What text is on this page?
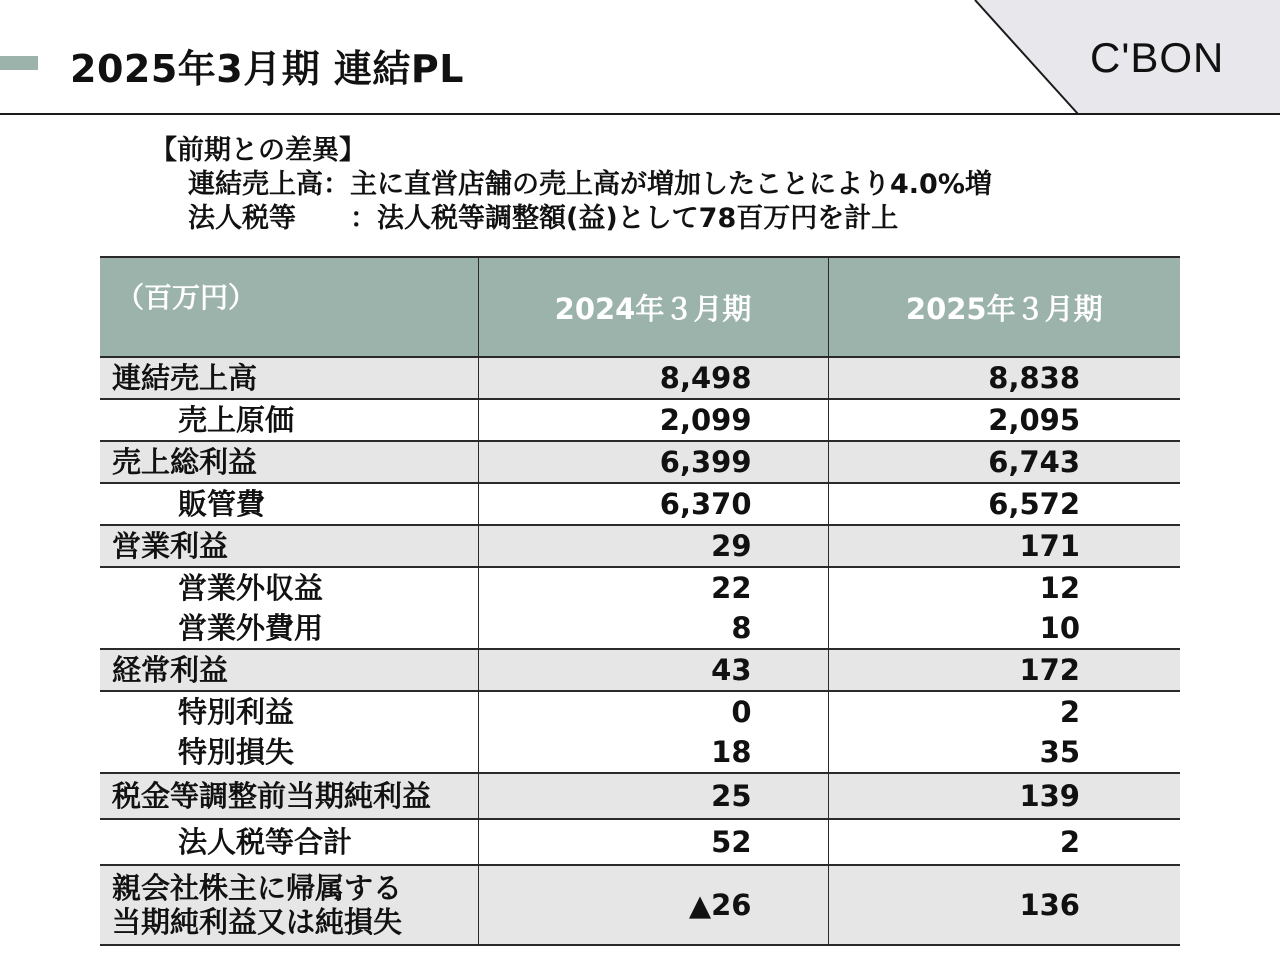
2025年3月期 連結PL	C'BON
【前期との差異】
連結売上高：主に直営店舗の売上高が増加したことにより4.0%増
法人税等 ：法人税等調整額(益)として78百万円を計上
（百万円）	2024年３月期	2025年３月期
連結売上高	8,498	8,838
売上原価	2,099	2,095
売上総利益	6,399	6,743
販管費	6,370	6,572
営業利益	29	171
営業外収益	22	12
営業外費用	8	10
経常利益	43	172
特別利益	0	2
特別損失	18	35
税金等調整前当期純利益	25	139
法人税等合計	52	2
親会社株主に帰属する
当期純利益又は純損失	▲26	136
